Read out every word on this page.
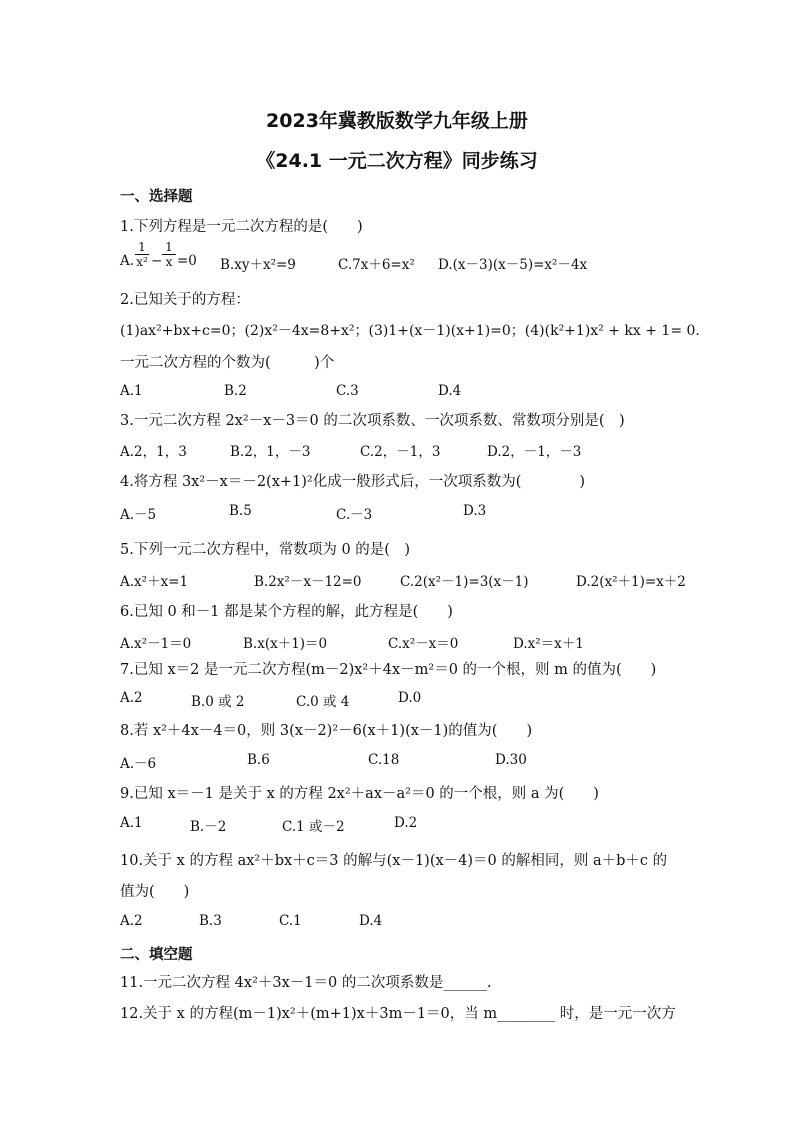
2023年冀教版数学九年级上册
《24.1 一元二次方程》同步练习
一、选择题
1.下列方程是一元二次方程的是(　　)
A.
1
x² −
1
x =0 B.xy＋x²=9	C.7x＋6=x² D.(x－3)(x－5)=x²－4x
2.已知关于的方程：
(1)ax²+bx+c=0；(2)x²－4x=8+x²；(3)1+(x－1)(x+1)=0；(4)(k²+1)x² + kx + 1= 0.
一元二次方程的个数为(　　　)个
A.1	B.2	C.3	D.4
3.一元二次方程 2x²－x－3＝0 的二次项系数、一次项系数、常数项分别是(　)
A.2，1，3	B.2，1，－3	C.2，－1，3	D.2，－1，－3
4.将方程 3x²－x＝－2(x+1)²化成一般形式后，一次项系数为(　　　　)
A.－5	B.5	C.－3	D.3
5.下列一元二次方程中，常数项为 0 的是(　)
A.x²＋x=1	B.2x²－x－12=0	C.2(x²－1)=3(x－1)	D.2(x²＋1)=x＋2
6.已知 0 和－1 都是某个方程的解，此方程是(　　)
A.x²－1＝0	B.x(x＋1)＝0	C.x²－x＝0	D.x²＝x＋1
7.已知 x＝2 是一元二次方程(m－2)x²＋4x－m²＝0 的一个根，则 m 的值为(　　)
A.2	B.0 或 2	C.0 或 4	D.0
8.若 x²＋4x－4＝0，则 3(x－2)²－6(x＋1)(x－1)的值为(　　)
A.－6	B.6	C.18	D.30
9.已知 x＝－1 是关于 x 的方程 2x²＋ax－a²＝0 的一个根，则 a 为(　　)
A.1	B.－2	C.1 或－2	D.2
10.关于 x 的方程 ax²＋bx＋c＝3 的解与(x－1)(x－4)＝0 的解相同，则 a＋b＋c 的
值为(　　)
A.2	B.3	C.1	D.4
二、填空题
11.一元二次方程 4x²＋3x－1＝0 的二次项系数是______.
12.关于 x 的方程(m－1)x²＋(m+1)x＋3m－1＝0，当 m________ 时，是一元一次方
